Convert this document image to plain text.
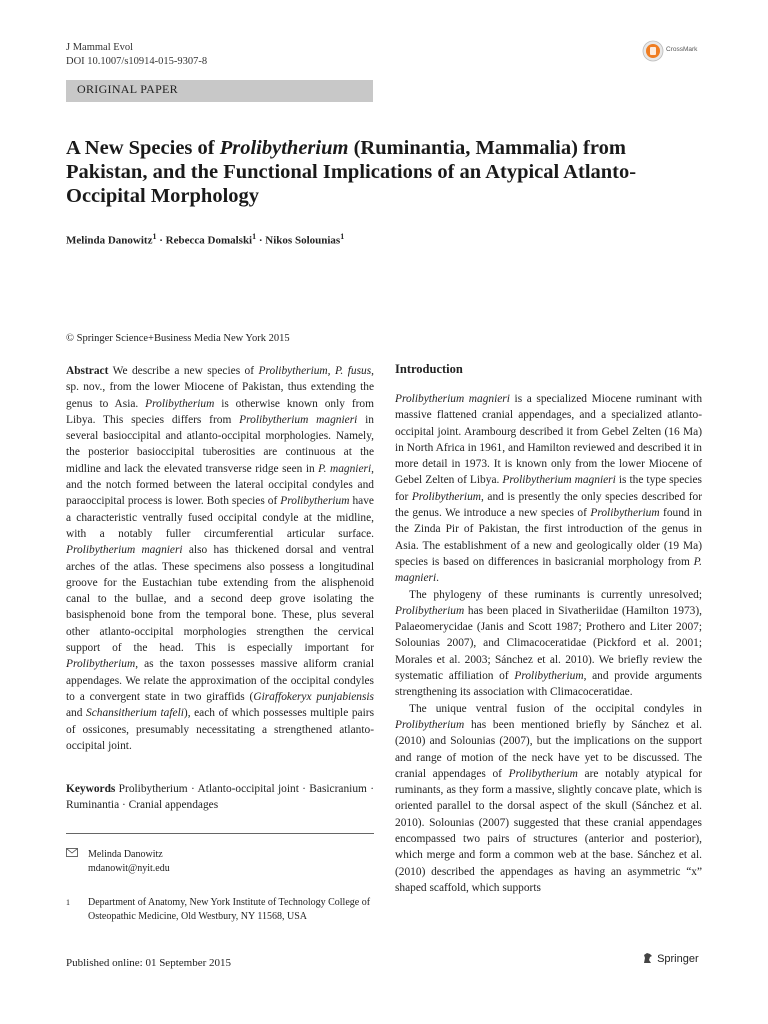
J Mammal Evol
DOI 10.1007/s10914-015-9307-8
CrossMark
ORIGINAL PAPER
A New Species of Prolibytherium (Ruminantia, Mammalia) from Pakistan, and the Functional Implications of an Atypical Atlanto-Occipital Morphology
Melinda Danowitz$^1$ · Rebecca Domalski$^1$ · Nikos Solounias$^1$
© Springer Science+Business Media New York 2015
Abstract We describe a new species of Prolibytherium, P. fusus, sp. nov., from the lower Miocene of Pakistan, thus extending the genus to Asia. Prolibytherium is otherwise known only from Libya. This species differs from Prolibytherium magnieri in several basioccipital and atlanto-occipital morphologies. Namely, the posterior basioccipital tuberosities are continuous at the midline and lack the elevated transverse ridge seen in P. magnieri, and the notch formed between the lateral occipital condyles and paraoccipital process is lower. Both species of Prolibytherium have a characteristic ventrally fused occipital condyle at the midline, with a notably fuller circumferential articular surface. Prolibytherium magnieri also has thickened dorsal and ventral arches of the atlas. These specimens also possess a longitudinal groove for the Eustachian tube extending from the alisphenoid canal to the bullae, and a second deep grove isolating the basisphenoid bone from the temporal bone. These, plus several other atlanto-occipital morphologies strengthen the cervical support of the head. This is especially important for Prolibytherium, as the taxon possesses massive aliform cranial appendages. We relate the approximation of the occipital condyles to a convergent state in two giraffids (Giraffokeryx punjabiensis and Schansitherium tafeli), each of which possesses multiple pairs of ossicones, presumably necessitating a strengthened atlanto-occipital joint.
Keywords Prolibytherium · Atlanto-occipital joint · Basicranium · Ruminantia · Cranial appendages
Melinda Danowitz
mdanowit@nyit.edu
1 Department of Anatomy, New York Institute of Technology College of Osteopathic Medicine, Old Westbury, NY 11568, USA
Published online: 01 September 2015	Springer
Introduction

Prolibytherium magnieri is a specialized Miocene ruminant with massive flattened cranial appendages, and a specialized atlanto-occipital joint. Arambourg described it from Gebel Zelten (16 Ma) in North Africa in 1961, and Hamilton reviewed and described it in more detail in 1973. It is known only from the lower Miocene of Gebel Zelten of Libya. Prolibytherium magnieri is the type species for Prolibytherium, and is presently the only species described for the genus. We introduce a new species of Prolibytherium found in the Zinda Pir of Pakistan, the first introduction of the genus in Asia. The establishment of a new and geologically older (19 Ma) species is based on differences in basicranial morphology from P. magnieri.

The phylogeny of these ruminants is currently unresolved; Prolibytherium has been placed in Sivatheriidae (Hamilton 1973), Palaeomerycidae (Janis and Scott 1987; Prothero and Liter 2007; Solounias 2007), and Climacoceratidae (Pickford et al. 2001; Morales et al. 2003; Sánchez et al. 2010). We briefly review the systematic affiliation of Prolibytherium, and provide arguments strengthening its association with Climacoceratidae.

The unique ventral fusion of the occipital condyles in Prolibytherium has been mentioned briefly by Sánchez et al. (2010) and Solounias (2007), but the implications on the support and range of motion of the neck have yet to be discussed. The cranial appendages of Prolibytherium are notably atypical for ruminants, as they form a massive, slightly concave plate, which is oriented parallel to the dorsal aspect of the skull (Sánchez et al. 2010). Solounias (2007) suggested that these cranial appendages encompassed two pairs of structures (anterior and posterior), which merge and form a common web at the base. Sánchez et al. (2010) described the appendages as having an asymmetric “x” shaped scaffold, which supports
